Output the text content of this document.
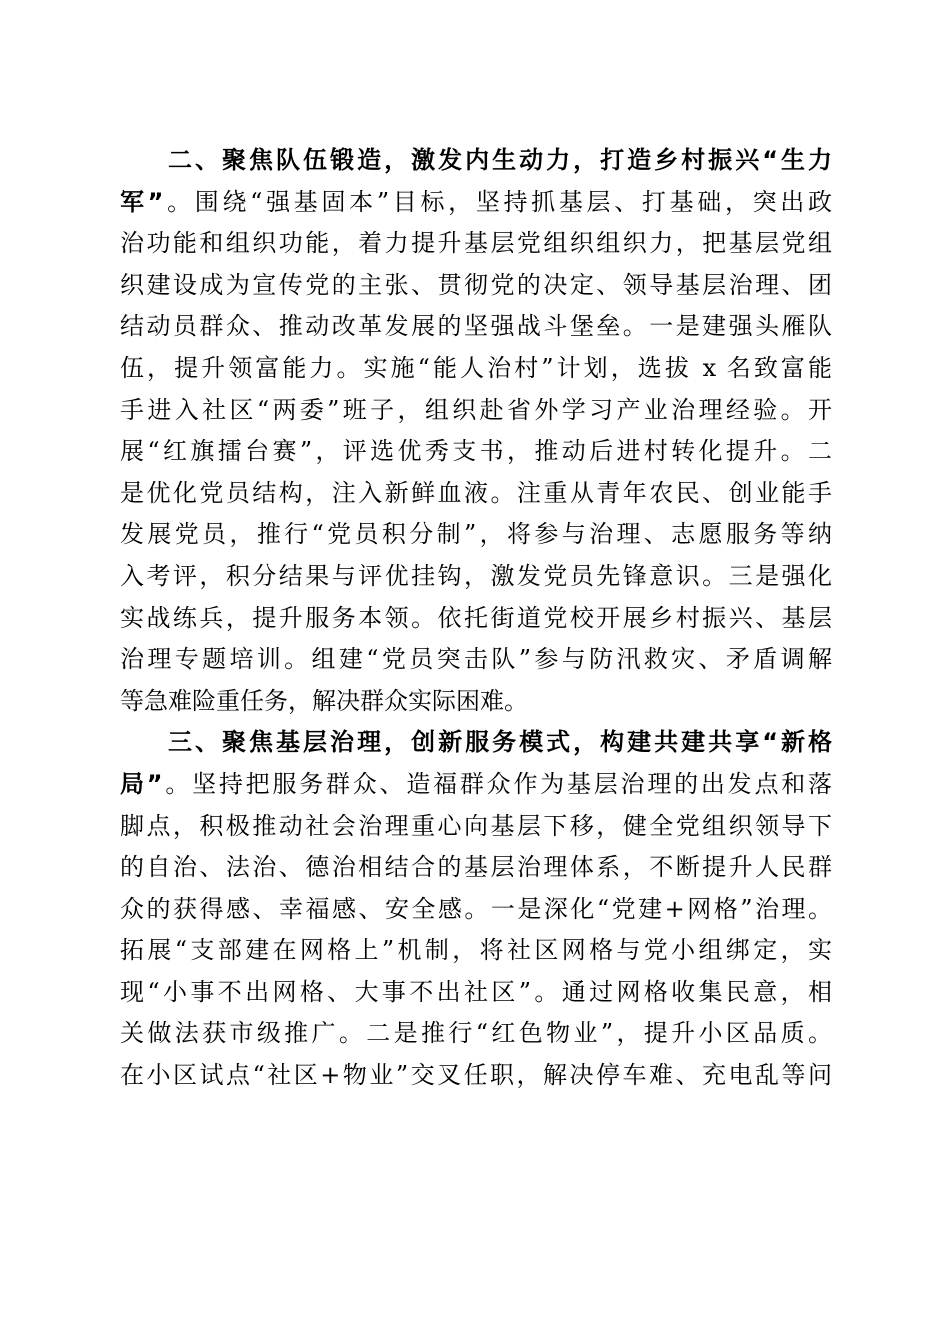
二、聚焦队伍锻造，激发内生动力，打造乡村振兴“生力
军”。围绕“强基固本”目标，坚持抓基层、打基础，突出政
治功能和组织功能，着力提升基层党组织组织力，把基层党组
织建设成为宣传党的主张、贯彻党的决定、领导基层治理、团
结动员群众、推动改革发展的坚强战斗堡垒。一是建强头雁队
伍，提升领富能力。实施“能人治村”计划，选拔 x 名致富能
手进入社区“两委”班子，组织赴省外学习产业治理经验。开
展“红旗擂台赛”，评选优秀支书，推动后进村转化提升。二
是优化党员结构，注入新鲜血液。注重从青年农民、创业能手
发展党员，推行“党员积分制”，将参与治理、志愿服务等纳
入考评，积分结果与评优挂钩，激发党员先锋意识。三是强化
实战练兵，提升服务本领。依托街道党校开展乡村振兴、基层
治理专题培训。组建“党员突击队”参与防汛救灾、矛盾调解
等急难险重任务，解决群众实际困难。
三、聚焦基层治理，创新服务模式，构建共建共享“新格
局”。坚持把服务群众、造福群众作为基层治理的出发点和落
脚点，积极推动社会治理重心向基层下移，健全党组织领导下
的自治、法治、德治相结合的基层治理体系，不断提升人民群
众的获得感、幸福感、安全感。一是深化“党建+网格”治理。
拓展“支部建在网格上”机制，将社区网格与党小组绑定，实
现“小事不出网格、大事不出社区”。通过网格收集民意，相
关做法获市级推广。二是推行“红色物业”，提升小区品质。
在小区试点“社区+物业”交叉任职，解决停车难、充电乱等问
